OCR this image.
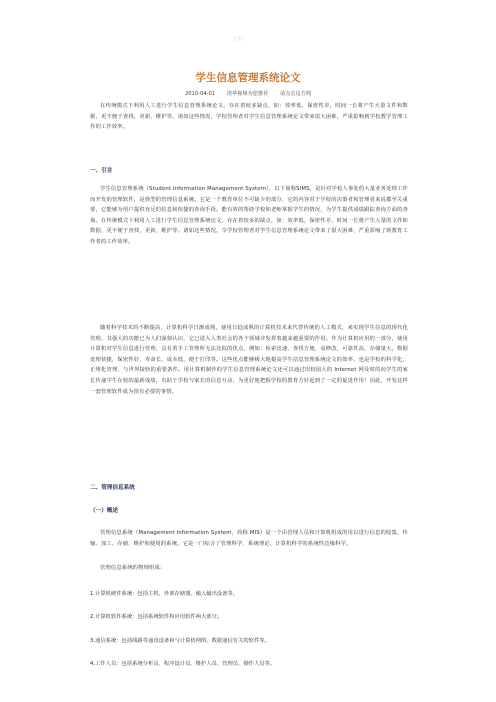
文档
学生信息管理系统论文
2010-04-01 清华视频为您推荐 请点击这方网

在传统模式下利用人工进行学生信息管理系统论文，存在着较多缺点，如：效率低，保密性差，时间一长将产生大量文件和数据，更不便于查找，更新，维护等。诸如这些情况，学校管理者对学生信息管理系统论文带来很大困难，严重影响到学校教学管理工作的工作效率。

一、引言

学生信息管理系统（Student Information Management System），以下简称SIMS，是针对学校人事处的大量业务处理工作而开发的管理软件，是典型的管理信息系统。它是一个教育单位不可缺少的部分，它的内容对于学校的决策者和管理者来说都至关重要，它能够为用户提供充足的信息和快捷的查询手段。能有效的帮助学校和老师掌握学生的情况，为学生提供成绩跟踪查询方面的查询。在传统模式下利用人工进行学生信息管理系统论文，存在着较多的缺点，如：效率低，保密性差，时间一长将产生大量的文件和数据，更不便于查找，更新，维护等。诸如这些情况，令学校管理者对学生信息管理系统论文带来了很大困难，严重影响了到教育工作者的工作效率。

随着科学技术的不断提高，计算机科学日渐成熟，使用日趋成熟的计算机技术来代替传统的人工模式，来实现学生信息的现代化管理，其强大的功能已为人们深刻认识，它已进入人类社会的各个领域并发挥着越来越重要的作用。作为计算机应用的一部分，使用计算机对学生信息进行管理，具有着手工管理所无法比拟的优点，例如：检索迅速，查找方便，易修改，可靠性高，存储量大，数据处理快捷，保密性好，寿命长，成本低，便于打印等。这些优点能够极大地提高学生信息管理系统论文的效率，也是学校的科学化、正规化管理，与世界接轨的重要条件。用计算机制作的学生信息管理系统论文还可以通过出校园大的 Internet 网及时的向学生的家长传递学生在校的最新成绩，有助于学校与家长的信息互动，为更好地把握学校的教育方针起到了一定的促进作用！因此，开发这样一套管理软件成为很有必要的事情。

二、管理信息系统
（一）概述

管理信息系统（Management Information System，简称 MIS）是一个由管理人员和计算机组成的用以进行信息的收集、传输、加工、存储、维护和使用的系统。它是一门综合了管理科学、系统理论、计算机科学的系统性边缘科学。

管理信息系统的物理组成：

1.计算机硬件系统：包括主机、外部存储器、输入输出设备等。
2.计算机软件系统：包括系统软件和应用软件两大部分。
3.通信系统：包括线路等通讯设备和与计算机网络、数据通信有关的软件等。
4.工作人员：包括系统分析员、程序设计员、维护人员、管理员、操作人员等。
